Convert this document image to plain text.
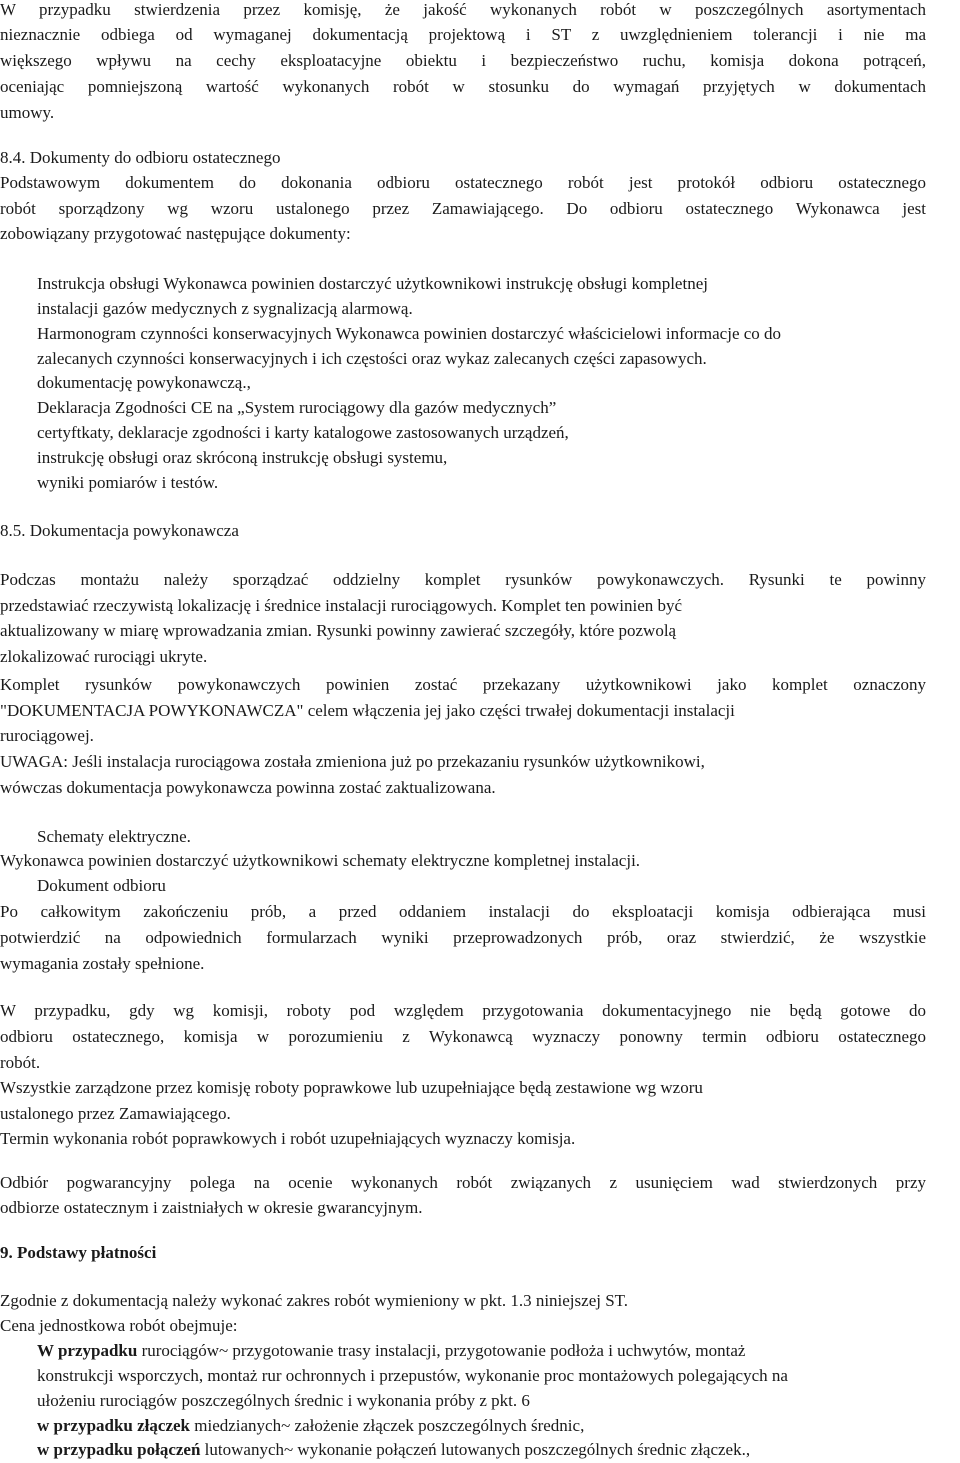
W przypadku stwierdzenia przez komisję, że jakość wykonanych robót w poszczególnych asortymentach
nieznacznie odbiega od wymaganej dokumentacją projektową i ST z uwzględnieniem tolerancji i nie ma
większego wpływu na cechy eksploatacyjne obiektu i bezpieczeństwo ruchu, komisja dokona potrąceń,
oceniając pomniejszoną wartość wykonanych robót w stosunku do wymagań przyjętych w dokumentach
umowy.
8.4. Dokumenty do odbioru ostatecznego
Podstawowym dokumentem do dokonania odbioru ostatecznego robót jest protokół odbioru ostatecznego
robót sporządzony wg wzoru ustalonego przez Zamawiającego. Do odbioru ostatecznego Wykonawca jest
zobowiązany przygotować następujące dokumenty:
Instrukcja obsługi Wykonawca powinien dostarczyć użytkownikowi instrukcję obsługi kompletnej
instalacji gazów medycznych z sygnalizacją alarmową.
Harmonogram czynności konserwacyjnych Wykonawca powinien dostarczyć właścicielowi informacje co do
zalecanych czynności konserwacyjnych i ich częstości oraz wykaz zalecanych części zapasowych.
dokumentację powykonawczą.,
Deklaracja Zgodności CE na „System rurociągowy dla gazów medycznych”
certyftkaty, deklaracje zgodności i karty katalogowe zastosowanych urządzeń,
instrukcję obsługi oraz skróconą instrukcję obsługi systemu,
wyniki pomiarów i testów.
8.5. Dokumentacja powykonawcza
Podczas montażu należy sporządzać oddzielny komplet rysunków powykonawczych. Rysunki te powinny
przedstawiać rzeczywistą lokalizację i średnice instalacji rurociągowych. Komplet ten powinien być
aktualizowany w miarę wprowadzania zmian. Rysunki powinny zawierać szczegóły, które pozwolą
zlokalizować rurociągi ukryte.
Komplet rysunków powykonawczych powinien zostać przekazany użytkownikowi jako komplet oznaczony
"DOKUMENTACJA POWYKONAWCZA" celem włączenia jej jako części trwałej dokumentacji instalacji
rurociągowej.
UWAGA: Jeśli instalacja rurociągowa została zmieniona już po przekazaniu rysunków użytkownikowi,
wówczas dokumentacja powykonawcza powinna zostać zaktualizowana.
Schematy elektryczne.
Wykonawca powinien dostarczyć użytkownikowi schematy elektryczne kompletnej instalacji.
Dokument odbioru
Po całkowitym zakończeniu prób, a przed oddaniem instalacji do eksploatacji komisja odbierająca musi
potwierdzić na odpowiednich formularzach wyniki przeprowadzonych prób, oraz stwierdzić, że wszystkie
wymagania zostały spełnione.
W przypadku, gdy wg komisji, roboty pod względem przygotowania dokumentacyjnego nie będą gotowe do
odbioru ostatecznego, komisja w porozumieniu z Wykonawcą wyznaczy ponowny termin odbioru ostatecznego
robót.
Wszystkie zarządzone przez komisję roboty poprawkowe lub uzupełniające będą zestawione wg wzoru
ustalonego przez Zamawiającego.
Termin wykonania robót poprawkowych i robót uzupełniających wyznaczy komisja.
Odbiór pogwarancyjny polega na ocenie wykonanych robót związanych z usunięciem wad stwierdzonych przy
odbiorze ostatecznym i zaistniałych w okresie gwarancyjnym.
9. Podstawy płatności
Zgodnie z dokumentacją należy wykonać zakres robót wymieniony w pkt. 1.3 niniejszej ST.
Cena jednostkowa robót obejmuje:
W przypadku rurociągów~ przygotowanie trasy instalacji, przygotowanie podłoża i uchwytów, montaż
konstrukcji wsporczych, montaż rur ochronnych i przepustów, wykonanie proc montażowych polegających na
ułożeniu rurociągów poszczególnych średnic i wykonania próby z pkt. 6
w przypadku złączek miedzianych~ założenie złączek poszczególnych średnic,
w przypadku połączeń lutowanych~ wykonanie połączeń lutowanych poszczególnych średnic złączek.,
